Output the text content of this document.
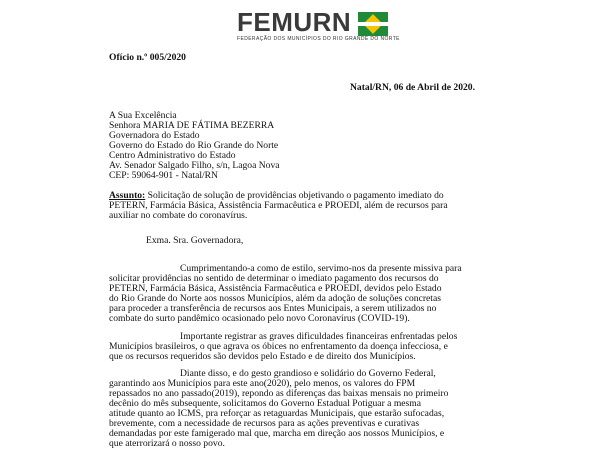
FEMURN
FEDERAÇÃO DOS MUNICÍPIOS DO RIO GRANDE DO NORTE
Ofício n.º 005/2020
Natal/RN, 06 de Abril de 2020.
A Sua Excelência
Senhora MARIA DE FÁTIMA BEZERRA
Governadora do Estado
Governo do Estado do Rio Grande do Norte
Centro Administrativo do Estado
Av. Senador Salgado Filho, s/n, Lagoa Nova
CEP: 59064-901 - Natal/RN
Assunto: Solicitação de solução de providências objetivando o pagamento imediato do
PETERN, Farmácia Básica, Assistência Farmacêutica e PROEDI, além de recursos para
auxiliar no combate do coronavírus.
Exma. Sra. Governadora,
Cumprimentando-a como de estilo, servimo-nos da presente missiva para
solicitar providências no sentido de determinar o imediato pagamento dos recursos do
PETERN, Farmácia Básica, Assistência Farmacêutica e PROEDI, devidos pelo Estado
do Rio Grande do Norte aos nossos Municípios, além da adoção de soluções concretas
para proceder a transferência de recursos aos Entes Municipais, a serem utilizados no
combate do surto pandêmico ocasionado pelo novo Coronavírus (COVID-19).
Importante registrar as graves dificuldades financeiras enfrentadas pelos
Municípios brasileiros, o que agrava os óbices no enfrentamento da doença infecciosa, e
que os recursos requeridos são devidos pelo Estado e de direito dos Municípios.
Diante disso, e do gesto grandioso e solidário do Governo Federal,
garantindo aos Municípios para este ano(2020), pelo menos, os valores do FPM
repassados no ano passado(2019), repondo as diferenças das baixas mensais no primeiro
decênio do mês subsequente, solicitamos do Governo Estadual Potiguar a mesma
atitude quanto ao ICMS, pra reforçar as retaguardas Municipais, que estarão sufocadas,
brevemente, com a necessidade de recursos para as ações preventivas e curativas
demandadas por este famigerado mal que, marcha em direção aos nossos Municípios, e
que aterrorizará o nosso povo.
